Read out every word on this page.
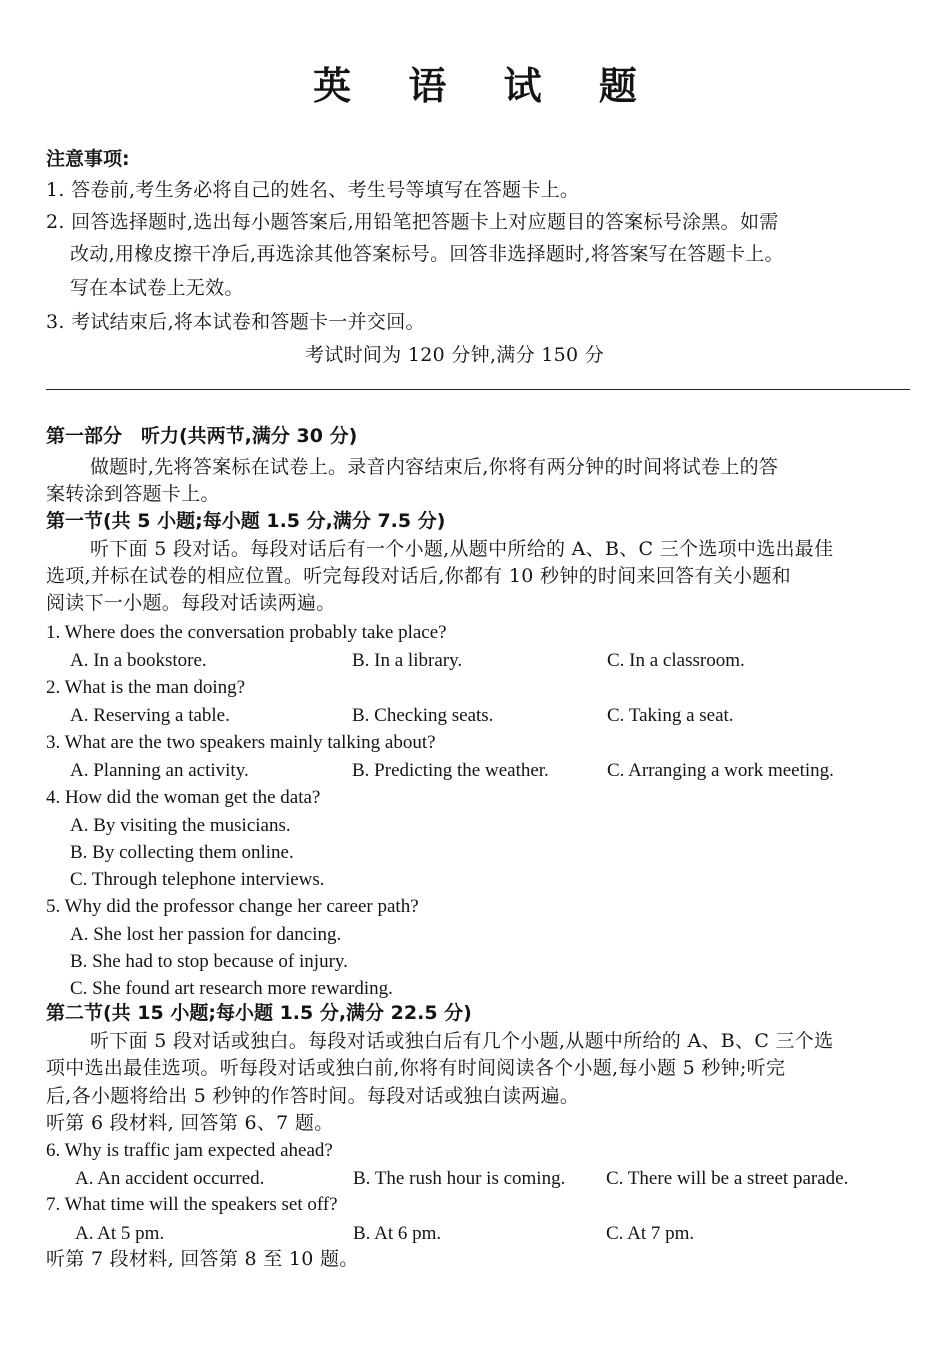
英 语 试 题
注意事项:
1. 答卷前,考生务必将自己的姓名、考生号等填写在答题卡上。
2. 回答选择题时,选出每小题答案后,用铅笔把答题卡上对应题目的答案标号涂黑。如需
改动,用橡皮擦干净后,再选涂其他答案标号。回答非选择题时,将答案写在答题卡上。
写在本试卷上无效。
3. 考试结束后,将本试卷和答题卡一并交回。
考试时间为 120 分钟,满分 150 分
第一部分　听力(共两节,满分 30 分)
做题时,先将答案标在试卷上。录音内容结束后,你将有两分钟的时间将试卷上的答
案转涂到答题卡上。
第一节(共 5 小题;每小题 1.5 分,满分 7.5 分)
听下面 5 段对话。每段对话后有一个小题,从题中所给的 A、B、C 三个选项中选出最佳
选项,并标在试卷的相应位置。听完每段对话后,你都有 10 秒钟的时间来回答有关小题和
阅读下一小题。每段对话读两遍。
1. Where does the conversation probably take place?
A. In a bookstore.	B. In a library.	C. In a classroom.
2. What is the man doing?
A. Reserving a table.	B. Checking seats.	C. Taking a seat.
3. What are the two speakers mainly talking about?
A. Planning an activity.	B. Predicting the weather.	C. Arranging a work meeting.
4. How did the woman get the data?
A. By visiting the musicians.
B. By collecting them online.
C. Through telephone interviews.
5. Why did the professor change her career path?
A. She lost her passion for dancing.
B. She had to stop because of injury.
C. She found art research more rewarding.
第二节(共 15 小题;每小题 1.5 分,满分 22.5 分)
听下面 5 段对话或独白。每段对话或独白后有几个小题,从题中所给的 A、B、C 三个选
项中选出最佳选项。听每段对话或独白前,你将有时间阅读各个小题,每小题 5 秒钟;听完
后,各小题将给出 5 秒钟的作答时间。每段对话或独白读两遍。
听第 6 段材料, 回答第 6、7 题。
6. Why is traffic jam expected ahead?
A. An accident occurred.	B. The rush hour is coming. C. There will be a street parade.
7. What time will the speakers set off?
A. At 5 pm.	B. At 6 pm.	C. At 7 pm.
听第 7 段材料, 回答第 8 至 10 题。
